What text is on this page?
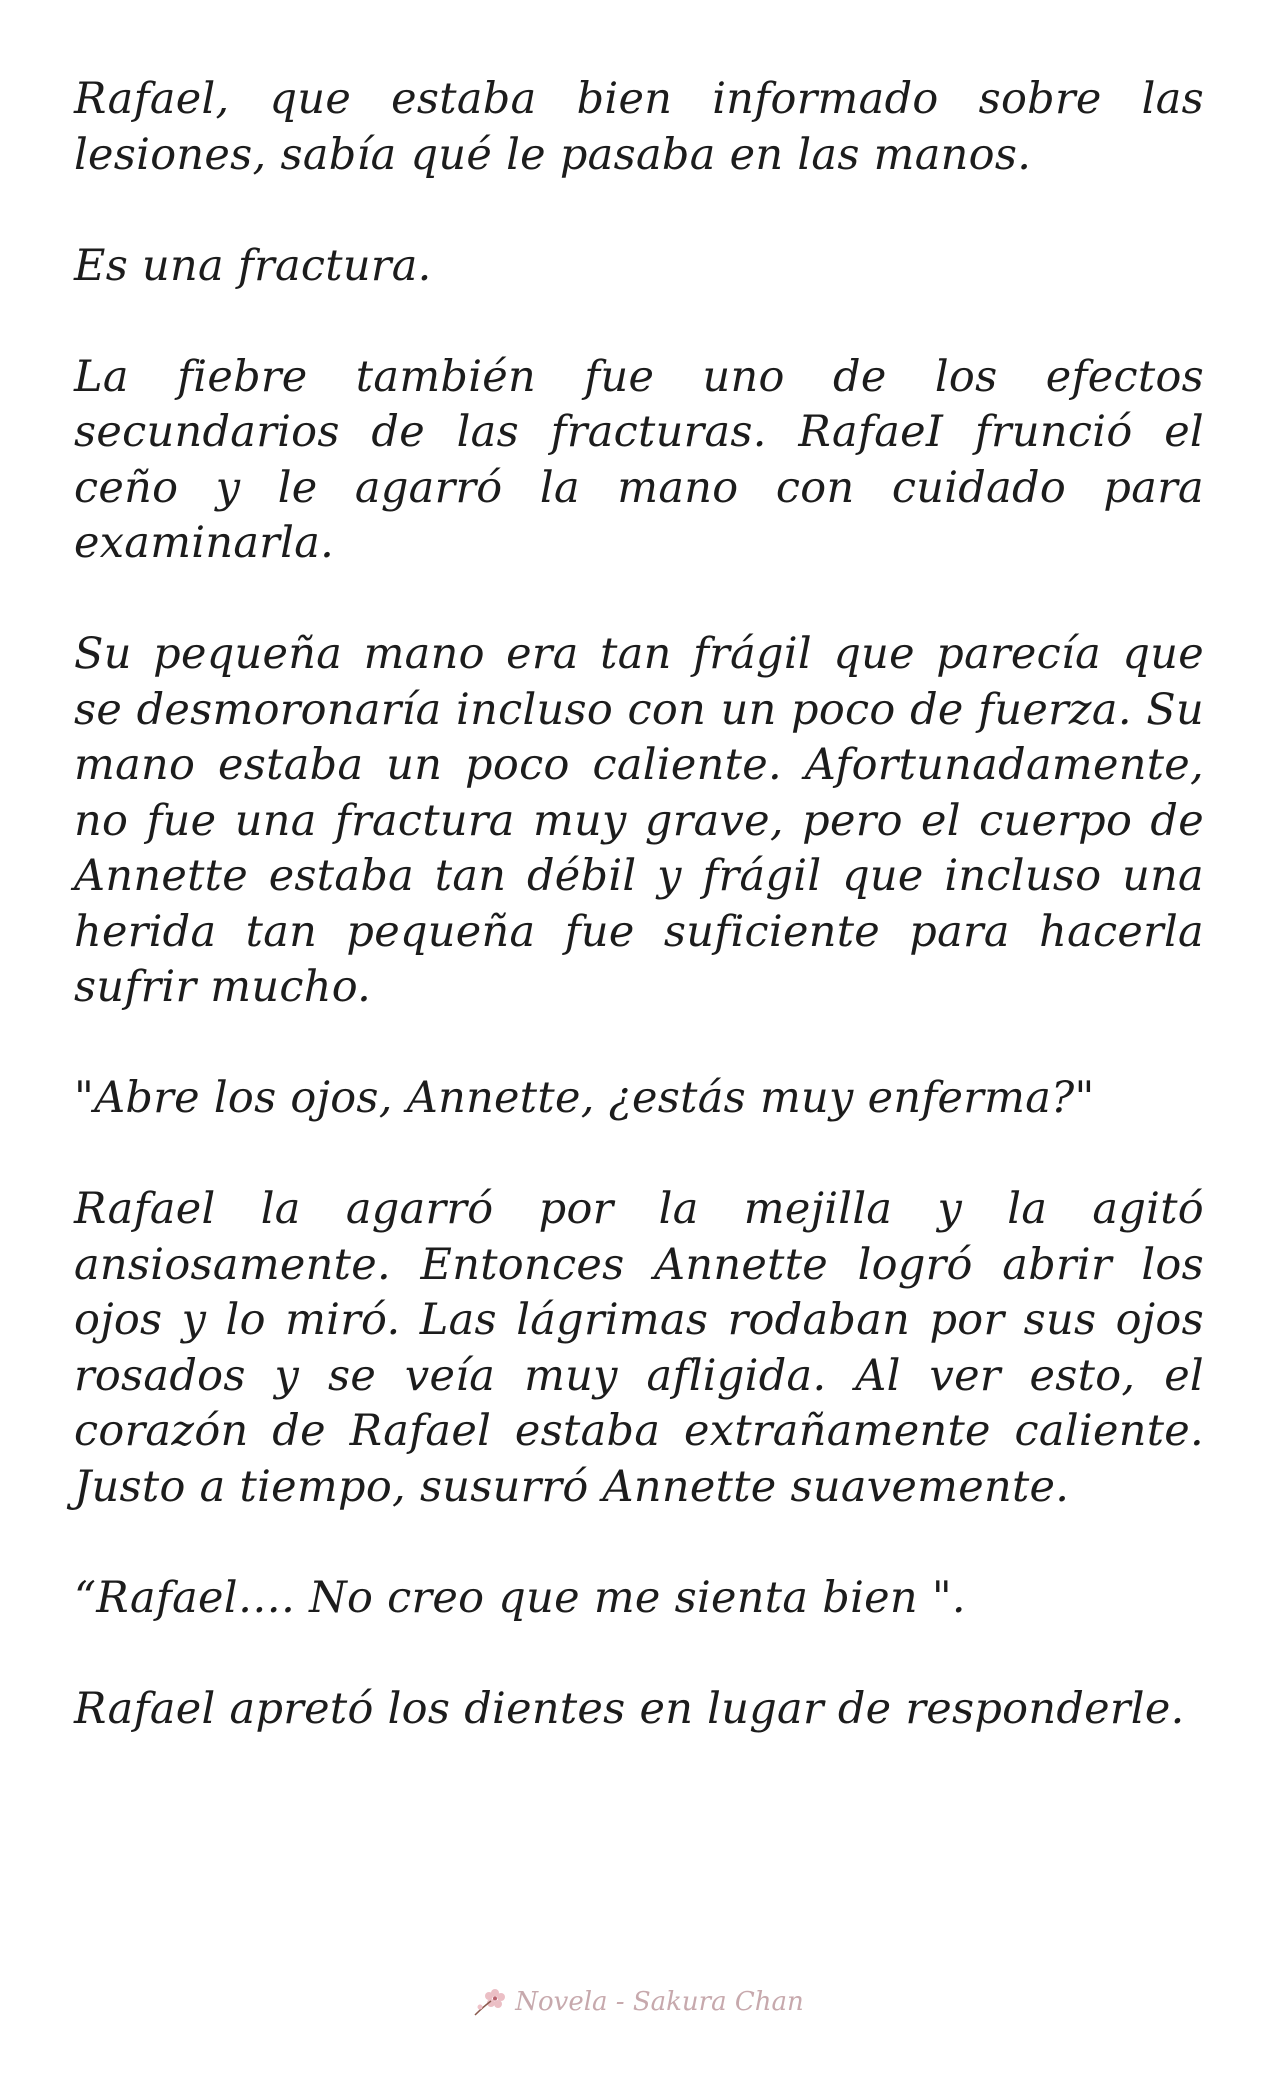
Rafael, que estaba bien informado sobre las lesiones, sabía qué le pasaba en las manos.

Es una fractura.

La fiebre también fue uno de los efectos secundarios de las fracturas. RafaeI frunció el ceño y le agarró la mano con cuidado para examinarla.

Su pequeña mano era tan frágil que parecía que se desmoronaría incluso con un poco de fuerza. Su mano estaba un poco caliente. Afortunadamente, no fue una fractura muy grave, pero el cuerpo de Annette estaba tan débil y frágil que incluso una herida tan pequeña fue suficiente para hacerla sufrir mucho.

"Abre los ojos, Annette, ¿estás muy enferma?"

Rafael la agarró por la mejilla y la agitó ansiosamente. Entonces Annette logró abrir los ojos y lo miró. Las lágrimas rodaban por sus ojos rosados y se veía muy afligida. Al ver esto, el corazón de Rafael estaba extrañamente caliente. Justo a tiempo, susurró Annette suavemente.

“Rafael…. No creo que me sienta bien ".

Rafael apretó los dientes en lugar de responderle.

Novela - Sakura Chan
